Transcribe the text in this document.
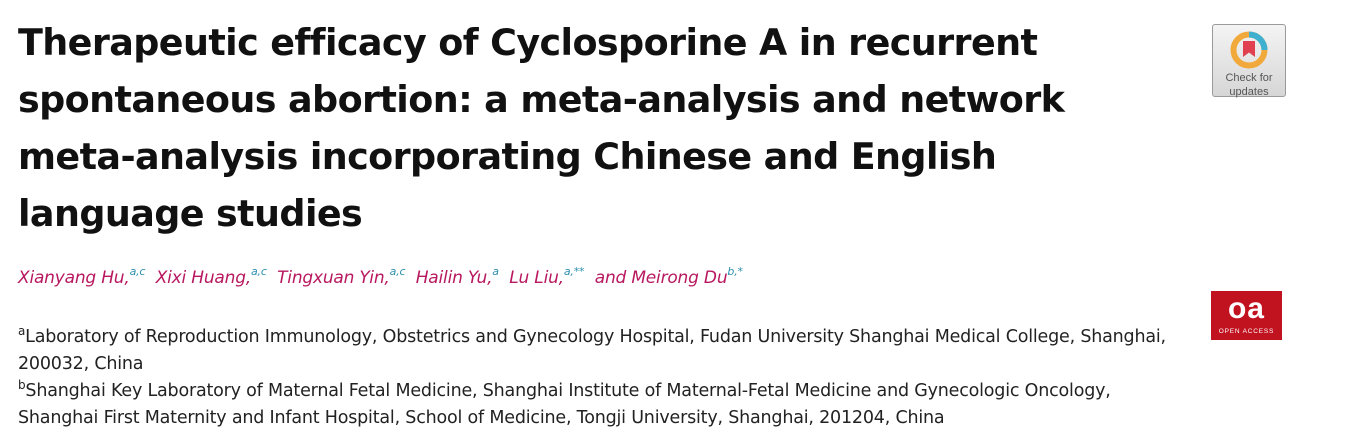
Therapeutic efficacy of Cyclosporine A in recurrent
spontaneous abortion: a meta-analysis and network
meta-analysis incorporating Chinese and English
language studies
Xianyang Hu,$^{a,c}$ Xixi Huang,$^{a,c}$ Tingxuan Yin,$^{a,c}$ Hailin Yu,$^a$ Lu Liu,$^{a,**}$ and Meirong $Du^{b,*}$

$^a$Laboratory of Reproduction Immunology, Obstetrics and Gynecology Hospital, Fudan University Shanghai Medical College, Shanghai,
200032, China

$^b$Shanghai Key Laboratory of Maternal Fetal Medicine, Shanghai Institute of Maternal-Fetal Medicine and Gynecologic Oncology,
Shanghai First Maternity and Infant Hospital, School of Medicine, Tongji University, Shanghai, 201204, China

Check for
updates
oa
OPEN ACCESS
